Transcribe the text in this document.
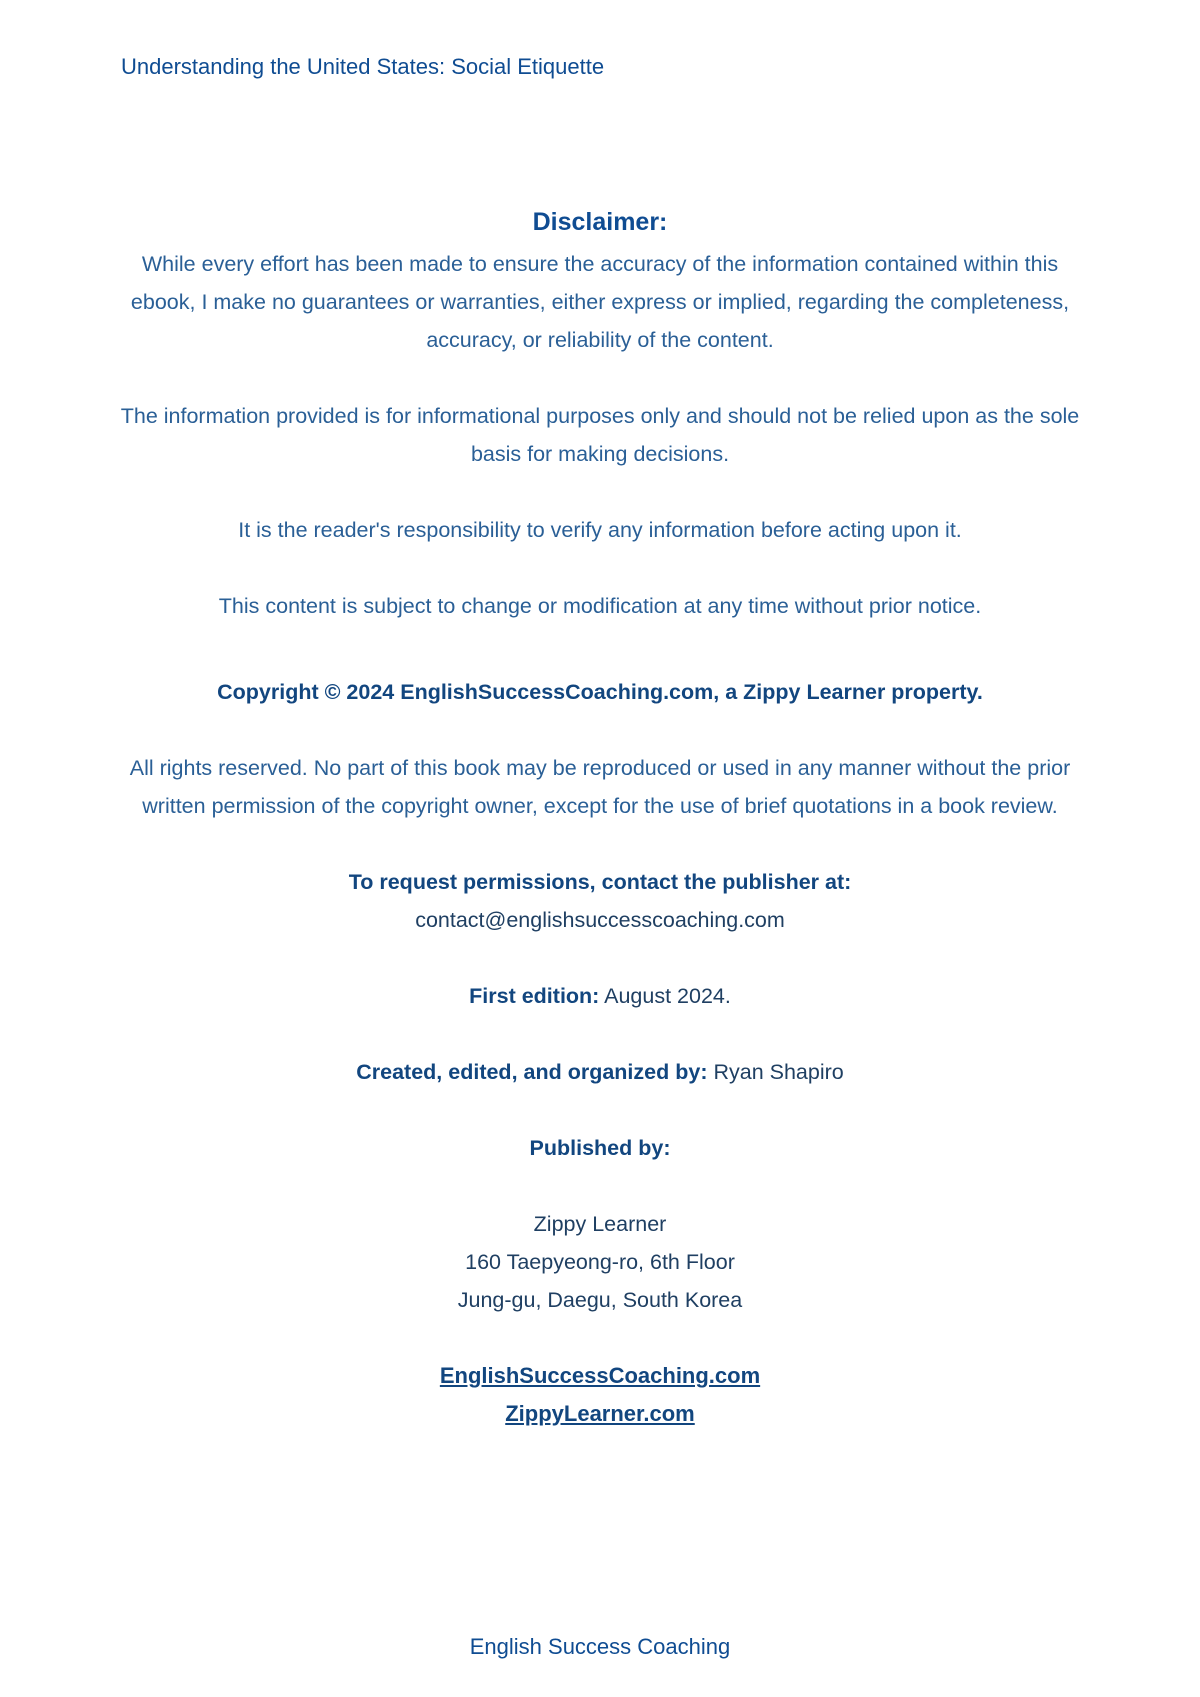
Understanding the United States: Social Etiquette
Disclaimer:

While every effort has been made to ensure the accuracy of the information contained within this ebook, I make no guarantees or warranties, either express or implied, regarding the completeness, accuracy, or reliability of the content.

The information provided is for informational purposes only and should not be relied upon as the sole basis for making decisions.

It is the reader's responsibility to verify any information before acting upon it.

This content is subject to change or modification at any time without prior notice.

Copyright © 2024 EnglishSuccessCoaching.com, a Zippy Learner property.

All rights reserved. No part of this book may be reproduced or used in any manner without the prior written permission of the copyright owner, except for the use of brief quotations in a book review.

To request permissions, contact the publisher at:

contact@englishsuccesscoaching.com

First edition: August 2024.

Created, edited, and organized by: Ryan Shapiro

Published by:

Zippy Learner

160 Taepyeong-ro, 6th Floor

Jung-gu, Daegu, South Korea

EnglishSuccessCoaching.com
ZippyLearner.com
English Success Coaching
